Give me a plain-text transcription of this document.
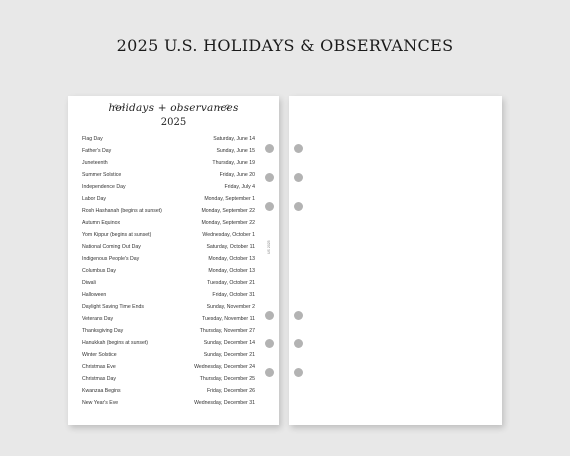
2025 U.S. HOLIDAYS & OBSERVANCES
holidays + observances
2025
Flag Day	Saturday, June 14
Father's Day	Sunday, June 15
Juneteenth	Thursday, June 19
Summer Solstice	Friday, June 20
Independence Day	Friday, July 4
Labor Day	Monday, September 1
Rosh Hashanah (begins at sunset)	Monday, September 22
Autumn Equinox	Monday, September 22
Yom Kippur (begins at sunset)	Wednesday, October 1
National Coming Out Day	Saturday, October 11
Indigenous People's Day	Monday, October 13
Columbus Day	Monday, October 13
Diwali	Tuesday, October 21
Halloween	Friday, October 31
Daylight Saving Time Ends	Sunday, November 2
Veterans Day	Tuesday, November 11
Thanksgiving Day	Thursday, November 27
Hanukkah (begins at sunset)	Sunday, December 14
Winter Solstice	Sunday, December 21
Christmas Eve	Wednesday, December 24
Christmas Day	Thursday, December 25
Kwanzaa Begins	Friday, December 26
New Year's Eve	Wednesday, December 31
US 2025
